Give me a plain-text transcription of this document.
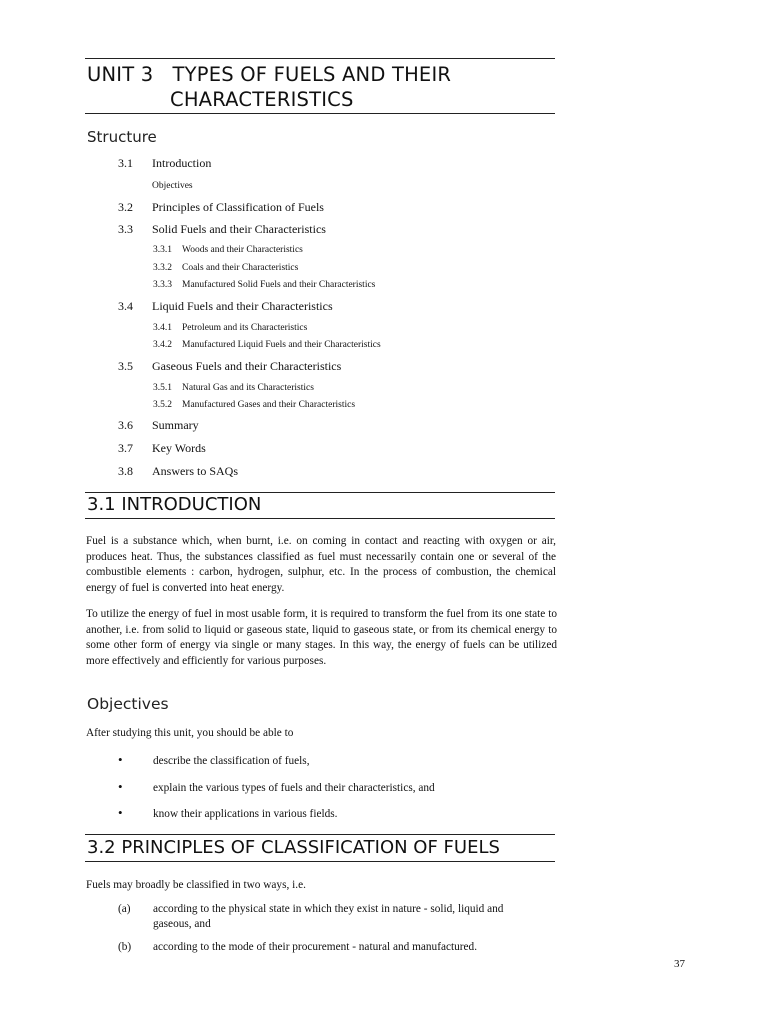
UNIT 3   TYPES OF FUELS AND THEIR
CHARACTERISTICS
Structure
3.1 Introduction
Objectives
3.2 Principles of Classification of Fuels
3.3 Solid Fuels and their Characteristics
3.3.1 Woods and their Characteristics
3.3.2 Coals and their Characteristics
3.3.3 Manufactured Solid Fuels and their Characteristics
3.4 Liquid Fuels and their Characteristics
3.4.1 Petroleum and its Characteristics
3.4.2 Manufactured Liquid Fuels and their Characteristics
3.5 Gaseous Fuels and their Characteristics
3.5.1 Natural Gas and its Characteristics
3.5.2 Manufactured Gases and their Characteristics
3.6 Summary
3.7 Key Words
3.8 Answers to SAQs
3.1 INTRODUCTION
Fuel is a substance which, when burnt, i.e. on coming in contact and reacting with oxygen or air, produces heat. Thus, the substances classified as fuel must necessarily contain one or several of the combustible elements : carbon, hydrogen, sulphur, etc. In the process of combustion, the chemical energy of fuel is converted into heat energy.
To utilize the energy of fuel in most usable form, it is required to transform the fuel from its one state to another, i.e. from solid to liquid or gaseous state, liquid to gaseous state, or from its chemical energy to some other form of energy via single or many stages. In this way, the energy of fuels can be utilized more effectively and efficiently for various purposes.
Objectives
After studying this unit, you should be able to
•	describe the classification of fuels,
•	explain the various types of fuels and their characteristics, and
•	know their applications in various fields.
3.2 PRINCIPLES OF CLASSIFICATION OF FUELS
Fuels may broadly be classified in two ways, i.e.
(a) according to the physical state in which they exist in nature - solid, liquid and gaseous, and
(b) according to the mode of their procurement - natural and manufactured.
37
